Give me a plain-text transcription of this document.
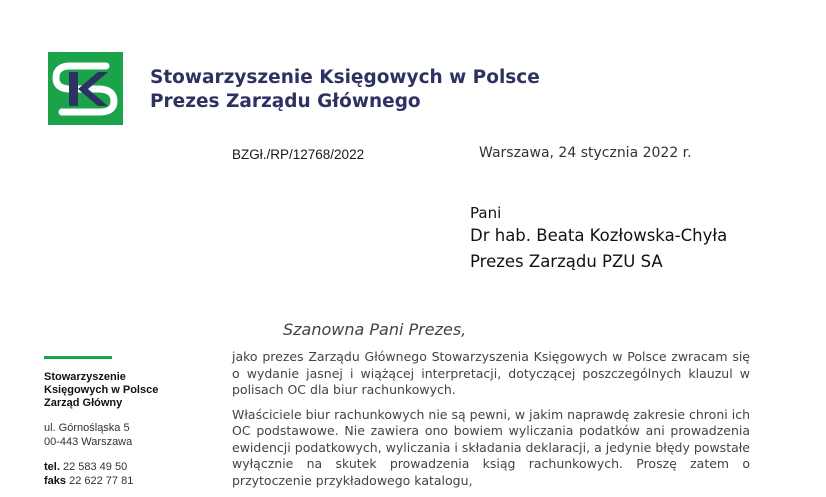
Stowarzyszenie Księgowych w Polsce
Prezes Zarządu Głównego
BZGł./RP/12768/2022	Warszawa, 24 stycznia 2022 r.
Pani
Dr hab. Beata Kozłowska-Chyła
Prezes Zarządu PZU SA
Szanowna Pani Prezes,
Stowarzyszenie
Księgowych w Polsce
Zarząd Główny
ul. Górnośląska 5
00-443 Warszawa
tel. 22 583 49 50
faks 22 622 77 81

jako prezes Zarządu Głównego Stowarzyszenia Księgowych w Polsce zwracam się o wydanie jasnej i wiążącej interpretacji, dotyczącej poszczególnych klauzul w polisach OC dla biur rachunkowych.

Właściciele biur rachunkowych nie są pewni, w jakim naprawdę zakresie chroni ich OC podstawowe. Nie zawiera ono bowiem wyliczania podatków ani prowadzenia ewidencji podatkowych, wyliczania i składania deklaracji, a jedynie błędy powstałe wyłącznie na skutek prowadzenia ksiąg rachunkowych. Proszę zatem o przytoczenie przykładowego katalogu,
